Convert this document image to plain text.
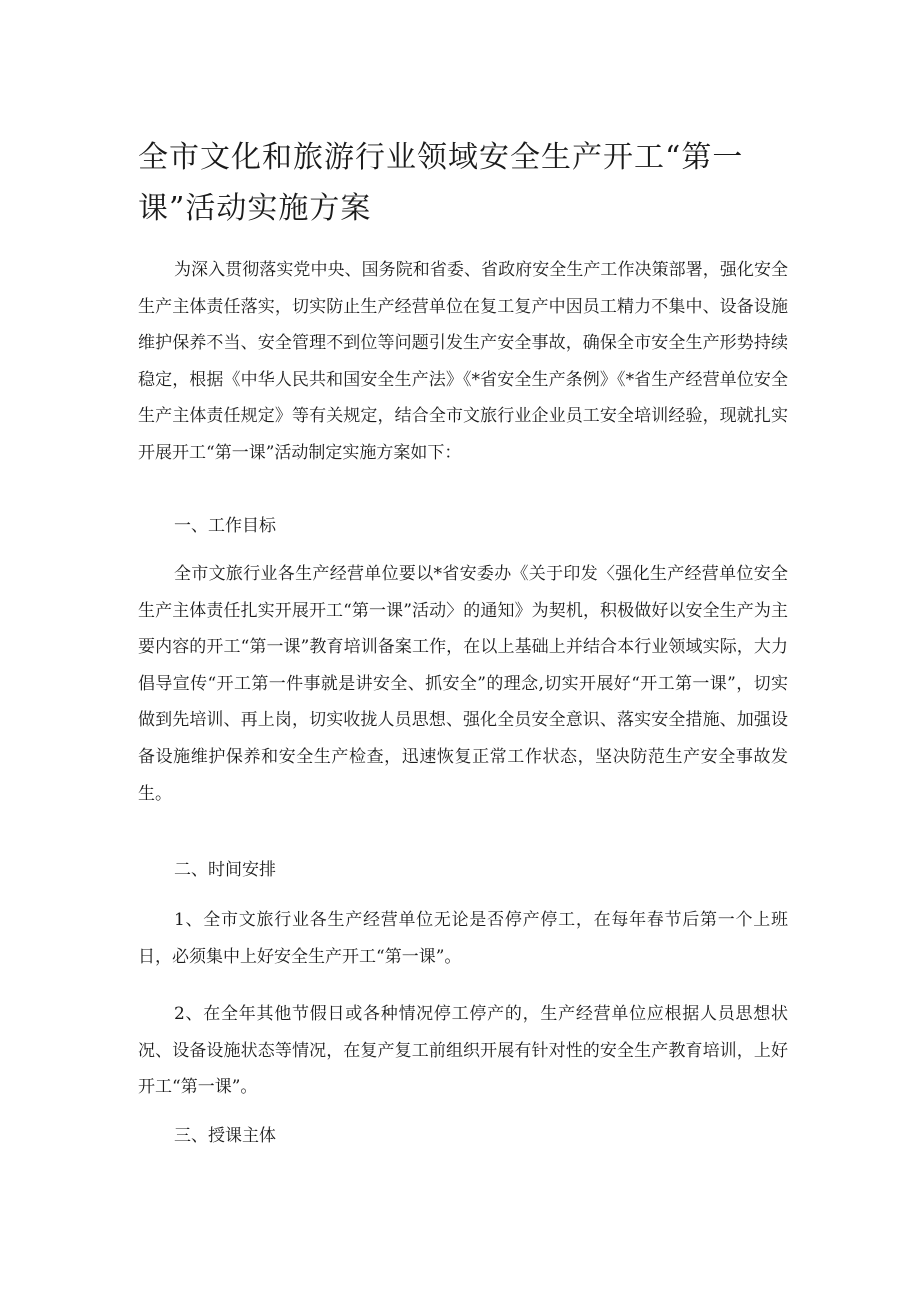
全市文化和旅游行业领域安全生产开工“第一课”活动实施方案

为深入贯彻落实党中央、国务院和省委、省政府安全生产工作决策部署，强化安全生产主体责任落实，切实防止生产经营单位在复工复产中因员工精力不集中、设备设施维护保养不当、安全管理不到位等问题引发生产安全事故，确保全市安全生产形势持续稳定，根据《中华人民共和国安全生产法》《*省安全生产条例》《*省生产经营单位安全生产主体责任规定》等有关规定，结合全市文旅行业企业员工安全培训经验，现就扎实开展开工“第一课”活动制定实施方案如下：

一、工作目标

全市文旅行业各生产经营单位要以*省安委办《关于印发〈强化生产经营单位安全生产主体责任扎实开展开工“第一课”活动〉的通知》为契机，积极做好以安全生产为主要内容的开工“第一课”教育培训备案工作，在以上基础上并结合本行业领域实际，大力倡导宣传“开工第一件事就是讲安全、抓安全”的理念,切实开展好“开工第一课”，切实做到先培训、再上岗，切实收拢人员思想、强化全员安全意识、落实安全措施、加强设备设施维护保养和安全生产检查，迅速恢复正常工作状态，坚决防范生产安全事故发生。

二、时间安排

1、全市文旅行业各生产经营单位无论是否停产停工，在每年春节后第一个上班日，必须集中上好安全生产开工“第一课”。

2、在全年其他节假日或各种情况停工停产的，生产经营单位应根据人员思想状况、设备设施状态等情况，在复产复工前组织开展有针对性的安全生产教育培训，上好开工“第一课”。

三、授课主体
